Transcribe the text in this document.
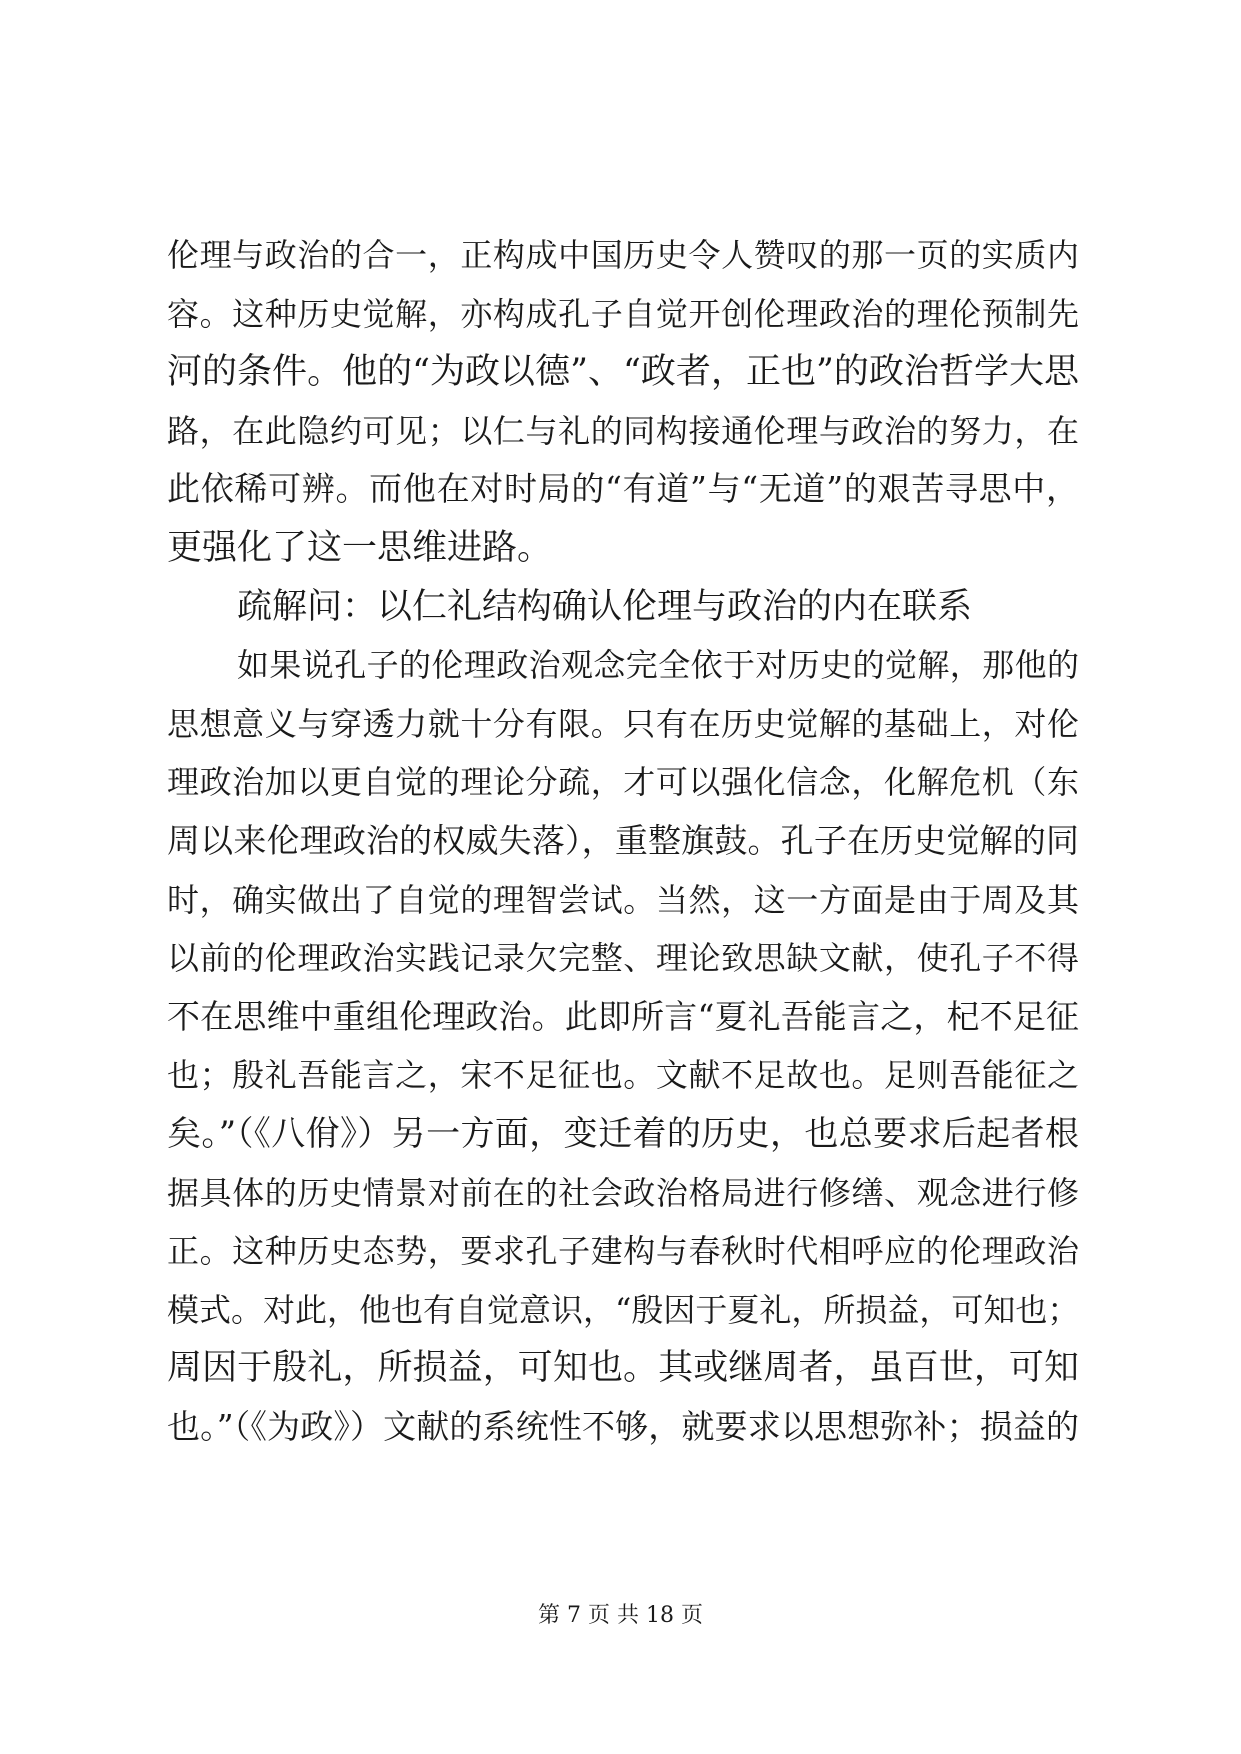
伦理与政治的合一，正构成中国历史令人赞叹的那一页的实质内
容。这种历史觉解，亦构成孔子自觉开创伦理政治的理伦预制先
河的条件。他的“为政以德”、“政者，正也”的政治哲学大思
路，在此隐约可见；以仁与礼的同构接通伦理与政治的努力，在
此依稀可辨。而他在对时局的“有道”与“无道”的艰苦寻思中，
更强化了这一思维进路。
疏解问：以仁礼结构确认伦理与政治的内在联系
如果说孔子的伦理政治观念完全依于对历史的觉解，那他的
思想意义与穿透力就十分有限。只有在历史觉解的基础上，对伦
理政治加以更自觉的理论分疏，才可以强化信念，化解危机（东
周以来伦理政治的权威失落），重整旗鼓。孔子在历史觉解的同
时，确实做出了自觉的理智尝试。当然，这一方面是由于周及其
以前的伦理政治实践记录欠完整、理论致思缺文献，使孔子不得
不在思维中重组伦理政治。此即所言“夏礼吾能言之，杞不足征
也；殷礼吾能言之，宋不足征也。文献不足故也。足则吾能征之
矣。”（《八佾》）另一方面，变迁着的历史，也总要求后起者根
据具体的历史情景对前在的社会政治格局进行修缮、观念进行修
正。这种历史态势，要求孔子建构与春秋时代相呼应的伦理政治
模式。对此，他也有自觉意识，“殷因于夏礼，所损益，可知也；
周因于殷礼，所损益，可知也。其或继周者，虽百世，可知
也。”（《为政》）文献的系统性不够，就要求以思想弥补；损益的
第 7 页 共 18 页
